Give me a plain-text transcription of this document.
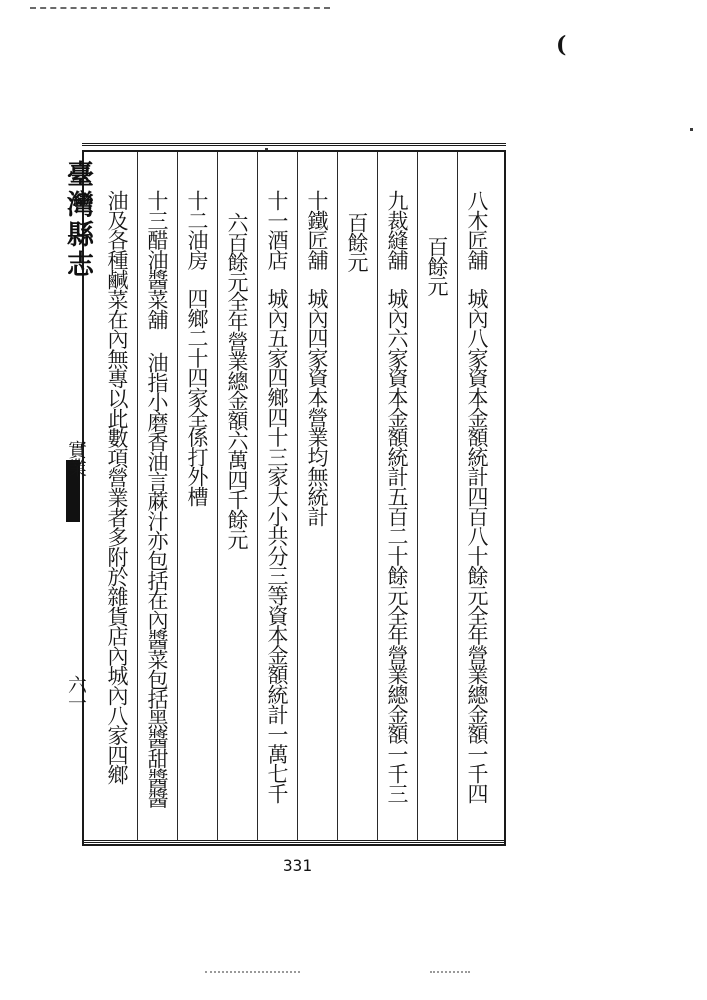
(
八木匠舖
城內八家資本金額統計四百八十餘元全年營業總金額一千四
百餘元
九裁縫舖
城內六家資本金額統計五百二十餘元全年營業總金額一千三
百餘元
十鐵匠舖
城內四家資本營業均無統計
十一酒店
城內五家四鄉四十三家大小共分三等資本金額統計一萬七千
六百餘元全年營業總金額六萬四千餘元
十二油房
四鄉二十四家全係打外槽
十三醋油醬菜舖
油指小磨香油言蔴汁亦包括在內醬菜包括黑醬甜醬醬
油及各種鹹菜在內無專以此數項營業者多附於雜貨店內城內八家四鄉
臺灣縣志
實業
六一
331
